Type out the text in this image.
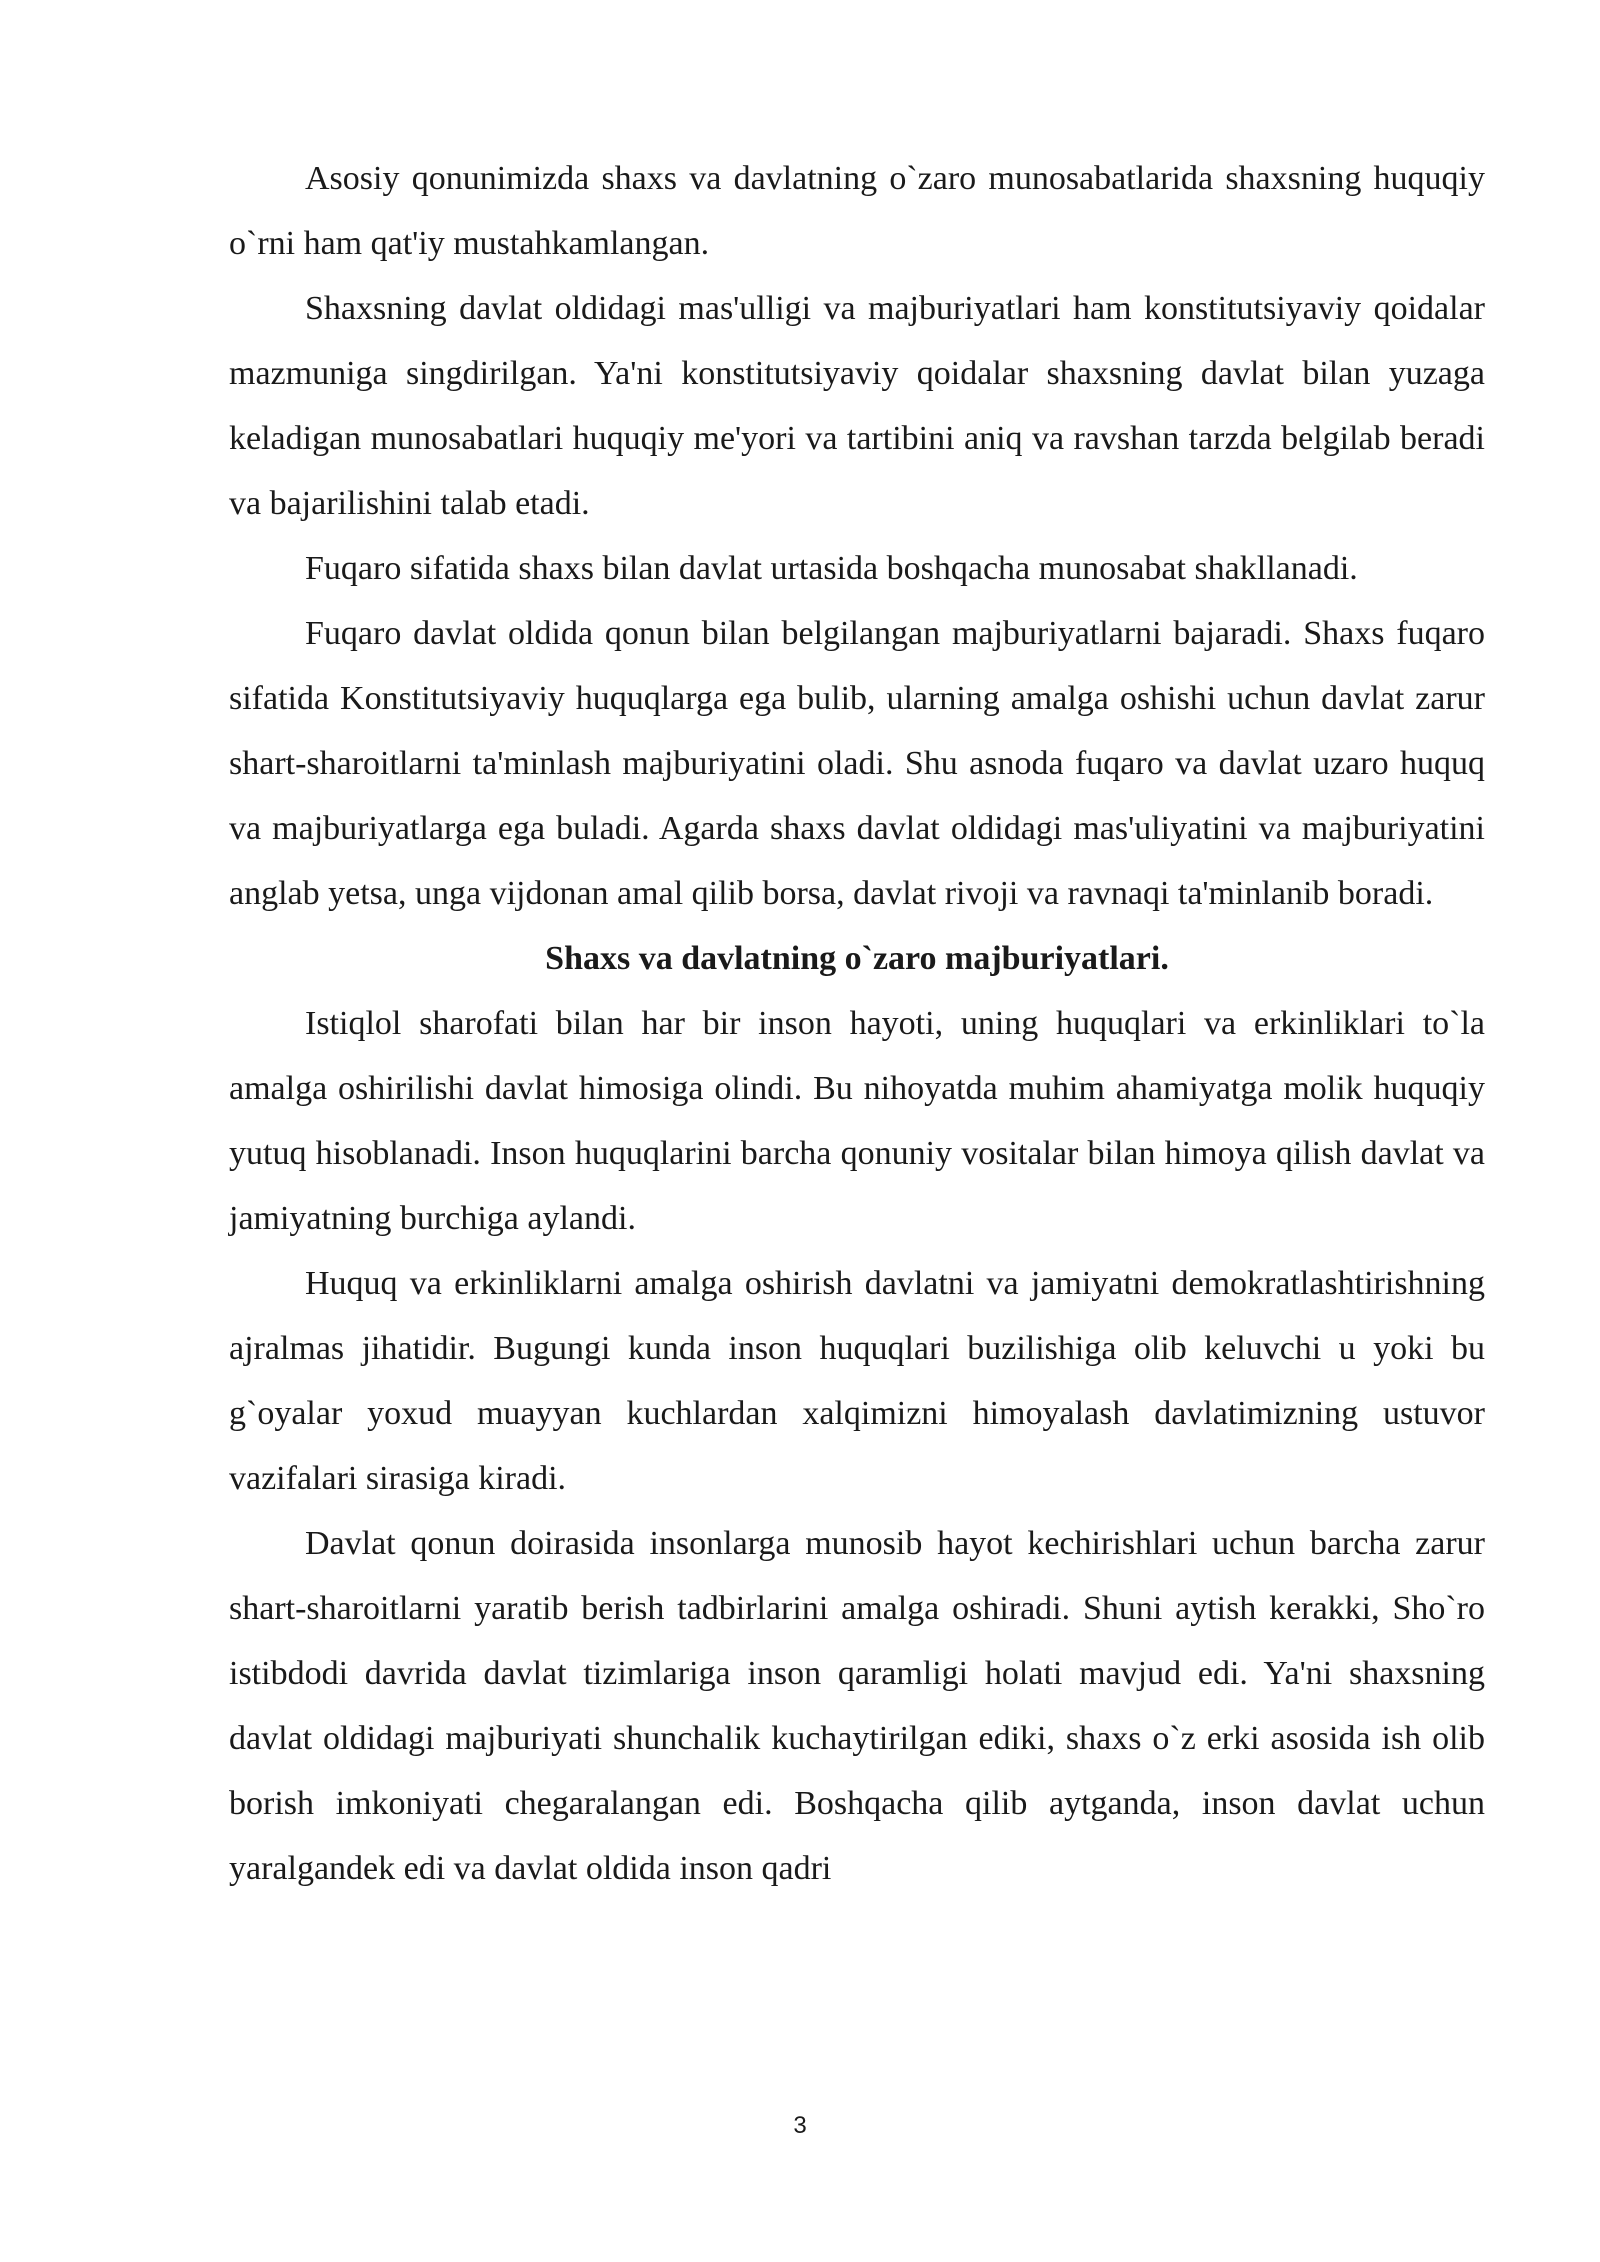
Asosiy qonunimizda shaxs va davlatning o`zaro munosabatlarida shaxsning huquqiy o`rni ham qat'iy mustahkamlangan.

Shaxsning davlat oldidagi mas'ulligi va majburiyatlari ham konstitutsiyaviy qoidalar mazmuniga singdirilgan. Ya'ni konstitutsiyaviy qoidalar shaxsning davlat bilan yuzaga keladigan munosabatlari huquqiy me'yori va tartibini aniq va ravshan tarzda belgilab beradi va bajarilishini talab etadi.

Fuqaro sifatida shaxs bilan davlat urtasida boshqacha munosabat shakllanadi.

Fuqaro davlat oldida qonun bilan belgilangan majburiyatlarni bajaradi. Shaxs fuqaro sifatida Konstitutsiyaviy huquqlarga ega bulib, ularning amalga oshishi uchun davlat zarur shart-sharoitlarni ta'minlash majburiyatini oladi. Shu asnoda fuqaro va davlat uzaro huquq va majburiyatlarga ega buladi. Agarda shaxs davlat oldidagi mas'uliyatini va majburiyatini anglab yetsa, unga vijdonan amal qilib borsa, davlat rivoji va ravnaqi ta'minlanib boradi.

Shaxs va davlatning o`zaro majburiyatlari.

Istiqlol sharofati bilan har bir inson hayoti, uning huquqlari va erkinliklari to`la amalga oshirilishi davlat himosiga olindi. Bu nihoyatda muhim ahamiyatga molik huquqiy yutuq hisoblanadi. Inson huquqlarini barcha qonuniy vositalar bilan himoya qilish davlat va jamiyatning burchiga aylandi.

Huquq va erkinliklarni amalga oshirish davlatni va jamiyatni demokratlashtirishning ajralmas jihatidir. Bugungi kunda inson huquqlari buzilishiga olib keluvchi u yoki bu g`oyalar yoxud muayyan kuchlardan xalqimizni himoyalash davlatimizning ustuvor vazifalari sirasiga kiradi.

Davlat qonun doirasida insonlarga munosib hayot kechirishlari uchun barcha zarur shart-sharoitlarni yaratib berish tadbirlarini amalga oshiradi. Shuni aytish kerakki, Sho`ro istibdodi davrida davlat tizimlariga inson qaramligi holati mavjud edi. Ya'ni shaxsning davlat oldidagi majburiyati shunchalik kuchaytirilgan ediki, shaxs o`z erki asosida ish olib borish imkoniyati chegaralangan edi. Boshqacha qilib aytganda, inson davlat uchun yaralgandek edi va davlat oldida inson qadri

3
